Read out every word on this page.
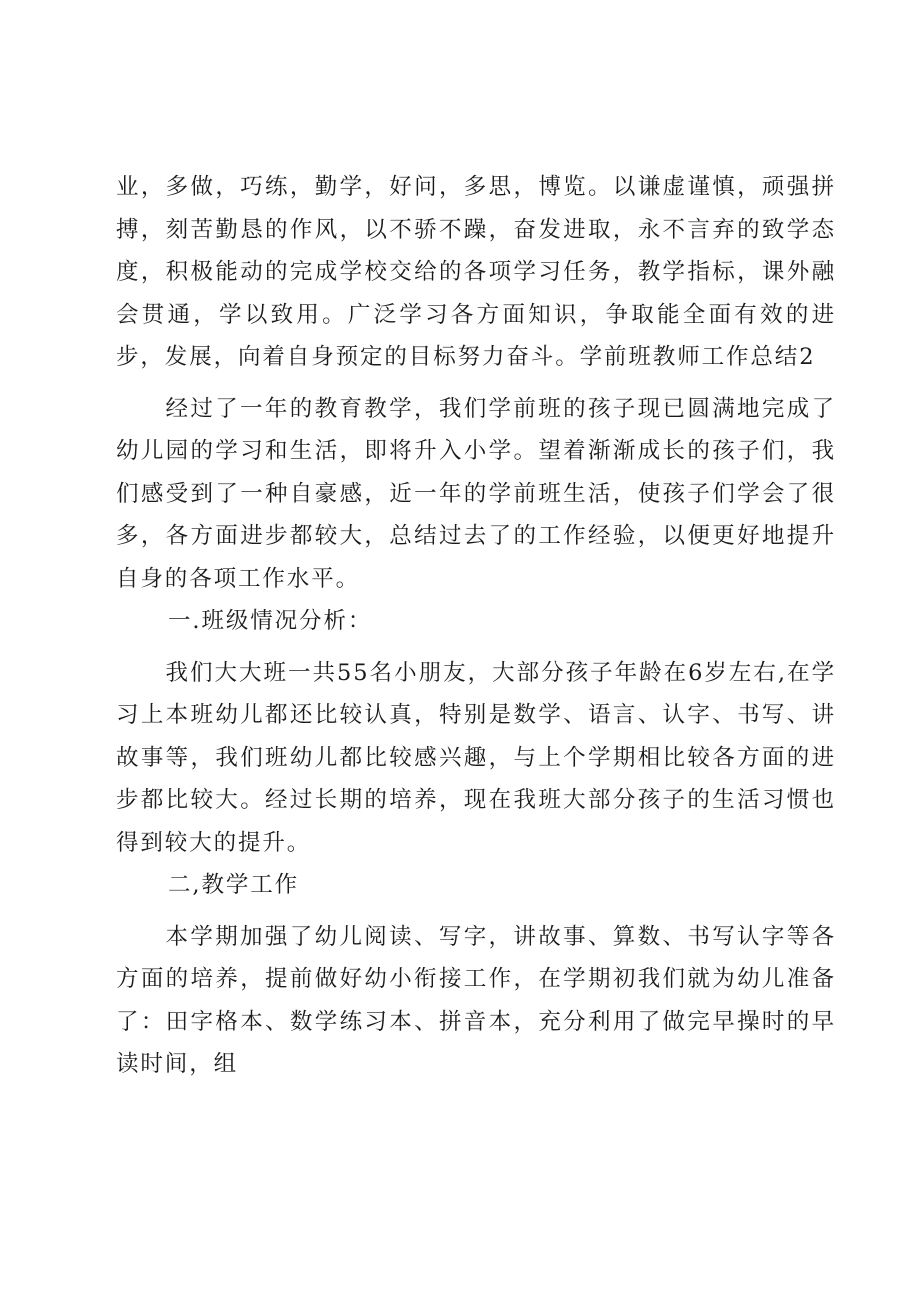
业，多做，巧练，勤学，好问，多思，博览。以谦虚谨慎，顽强拼搏，刻苦勤恳的作风，以不骄不躁，奋发进取，永不言弃的致学态度，积极能动的完成学校交给的各项学习任务，教学指标，课外融会贯通，学以致用。广泛学习各方面知识，争取能全面有效的进步，发展，向着自身预定的目标努力奋斗。学前班教师工作总结2

经过了一年的教育教学，我们学前班的孩子现已圆满地完成了幼儿园的学习和生活，即将升入小学。望着渐渐成长的孩子们，我们感受到了一种自豪感，近一年的学前班生活，使孩子们学会了很多，各方面进步都较大，总结过去了的工作经验，以便更好地提升自身的各项工作水平。

一.班级情况分析：

我们大大班一共55名小朋友，大部分孩子年龄在6岁左右,在学习上本班幼儿都还比较认真，特别是数学、语言、认字、书写、讲故事等，我们班幼儿都比较感兴趣，与上个学期相比较各方面的进步都比较大。经过长期的培养，现在我班大部分孩子的生活习惯也得到较大的提升。

二,教学工作

本学期加强了幼儿阅读、写字，讲故事、算数、书写认字等各方面的培养，提前做好幼小衔接工作，在学期初我们就为幼儿准备了：田字格本、数学练习本、拼音本，充分利用了做完早操时的早读时间，组
